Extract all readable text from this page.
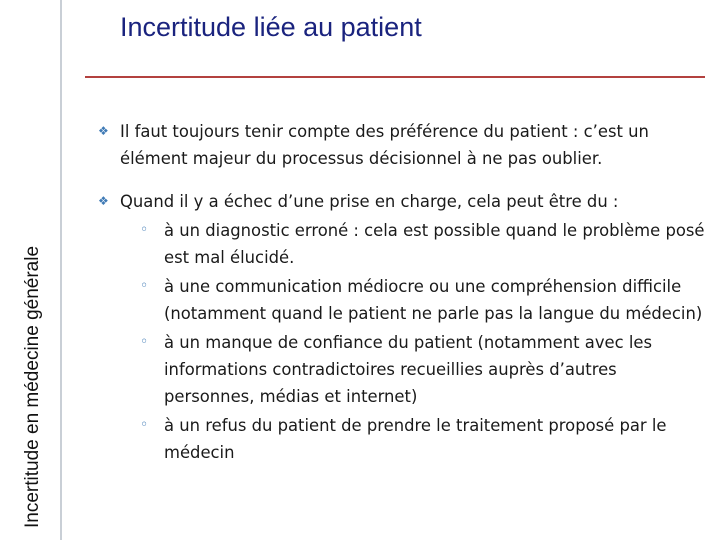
Incertitude en médecine générale
Incertitude liée au patient
❖ Il faut toujours tenir compte des préférence du patient : c’est un élément majeur du processus décisionnel à ne pas oublier.
❖ Quand il y a échec d’une prise en charge, cela peut être du :
◦ à un diagnostic erroné : cela est possible quand le problème posé est mal élucidé.
◦ à une communication médiocre ou une compréhension difficile (notamment quand le patient ne parle pas la langue du médecin)
◦ à un manque de confiance du patient (notamment avec les informations contradictoires recueillies auprès d’autres personnes, médias et internet)
◦ à un refus du patient de prendre le traitement proposé par le médecin
